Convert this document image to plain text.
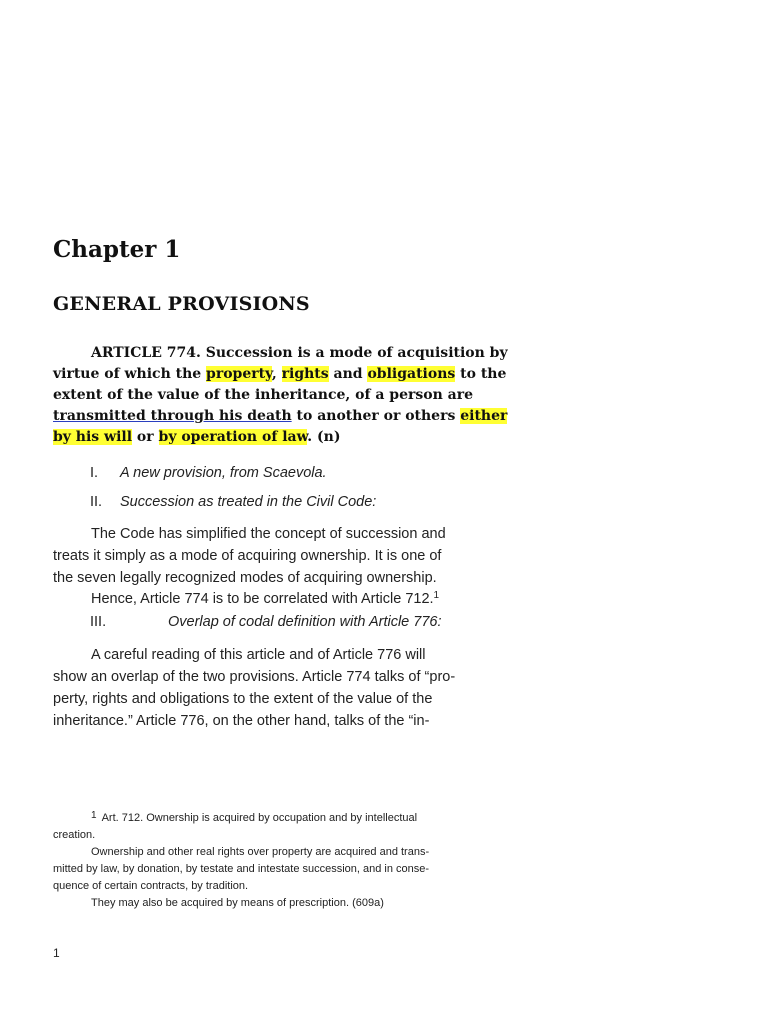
Chapter 1
GENERAL PROVISIONS
ARTICLE 774. Succession is a mode of acquisition by
virtue of which the property, rights and obligations to the
extent of the value of the inheritance, of a person are
transmitted through his death to another or others either
by his will or by operation of law. (n)
I. A new provision, from Scaevola.
II. Succession as treated in the Civil Code:
The Code has simplified the concept of succession and
treats it simply as a mode of acquiring ownership. It is one of
the seven legally recognized modes of acquiring ownership.
Hence, Article 774 is to be correlated with Article 712.$^1$
III.	Overlap of codal definition with Article 776:
A careful reading of this article and of Article 776 will
show an overlap of the two provisions. Article 774 talks of “pro-
perty, rights and obligations to the extent of the value of the
inheritance.” Article 776, on the other hand, talks of the “in-
$^1$ Art. 712. Ownership is acquired by occupation and by intellectual
creation.
Ownership and other real rights over property are acquired and trans-
mitted by law, by donation, by testate and intestate succession, and in conse-
quence of certain contracts, by tradition.
They may also be acquired by means of prescription. (609a)
1
